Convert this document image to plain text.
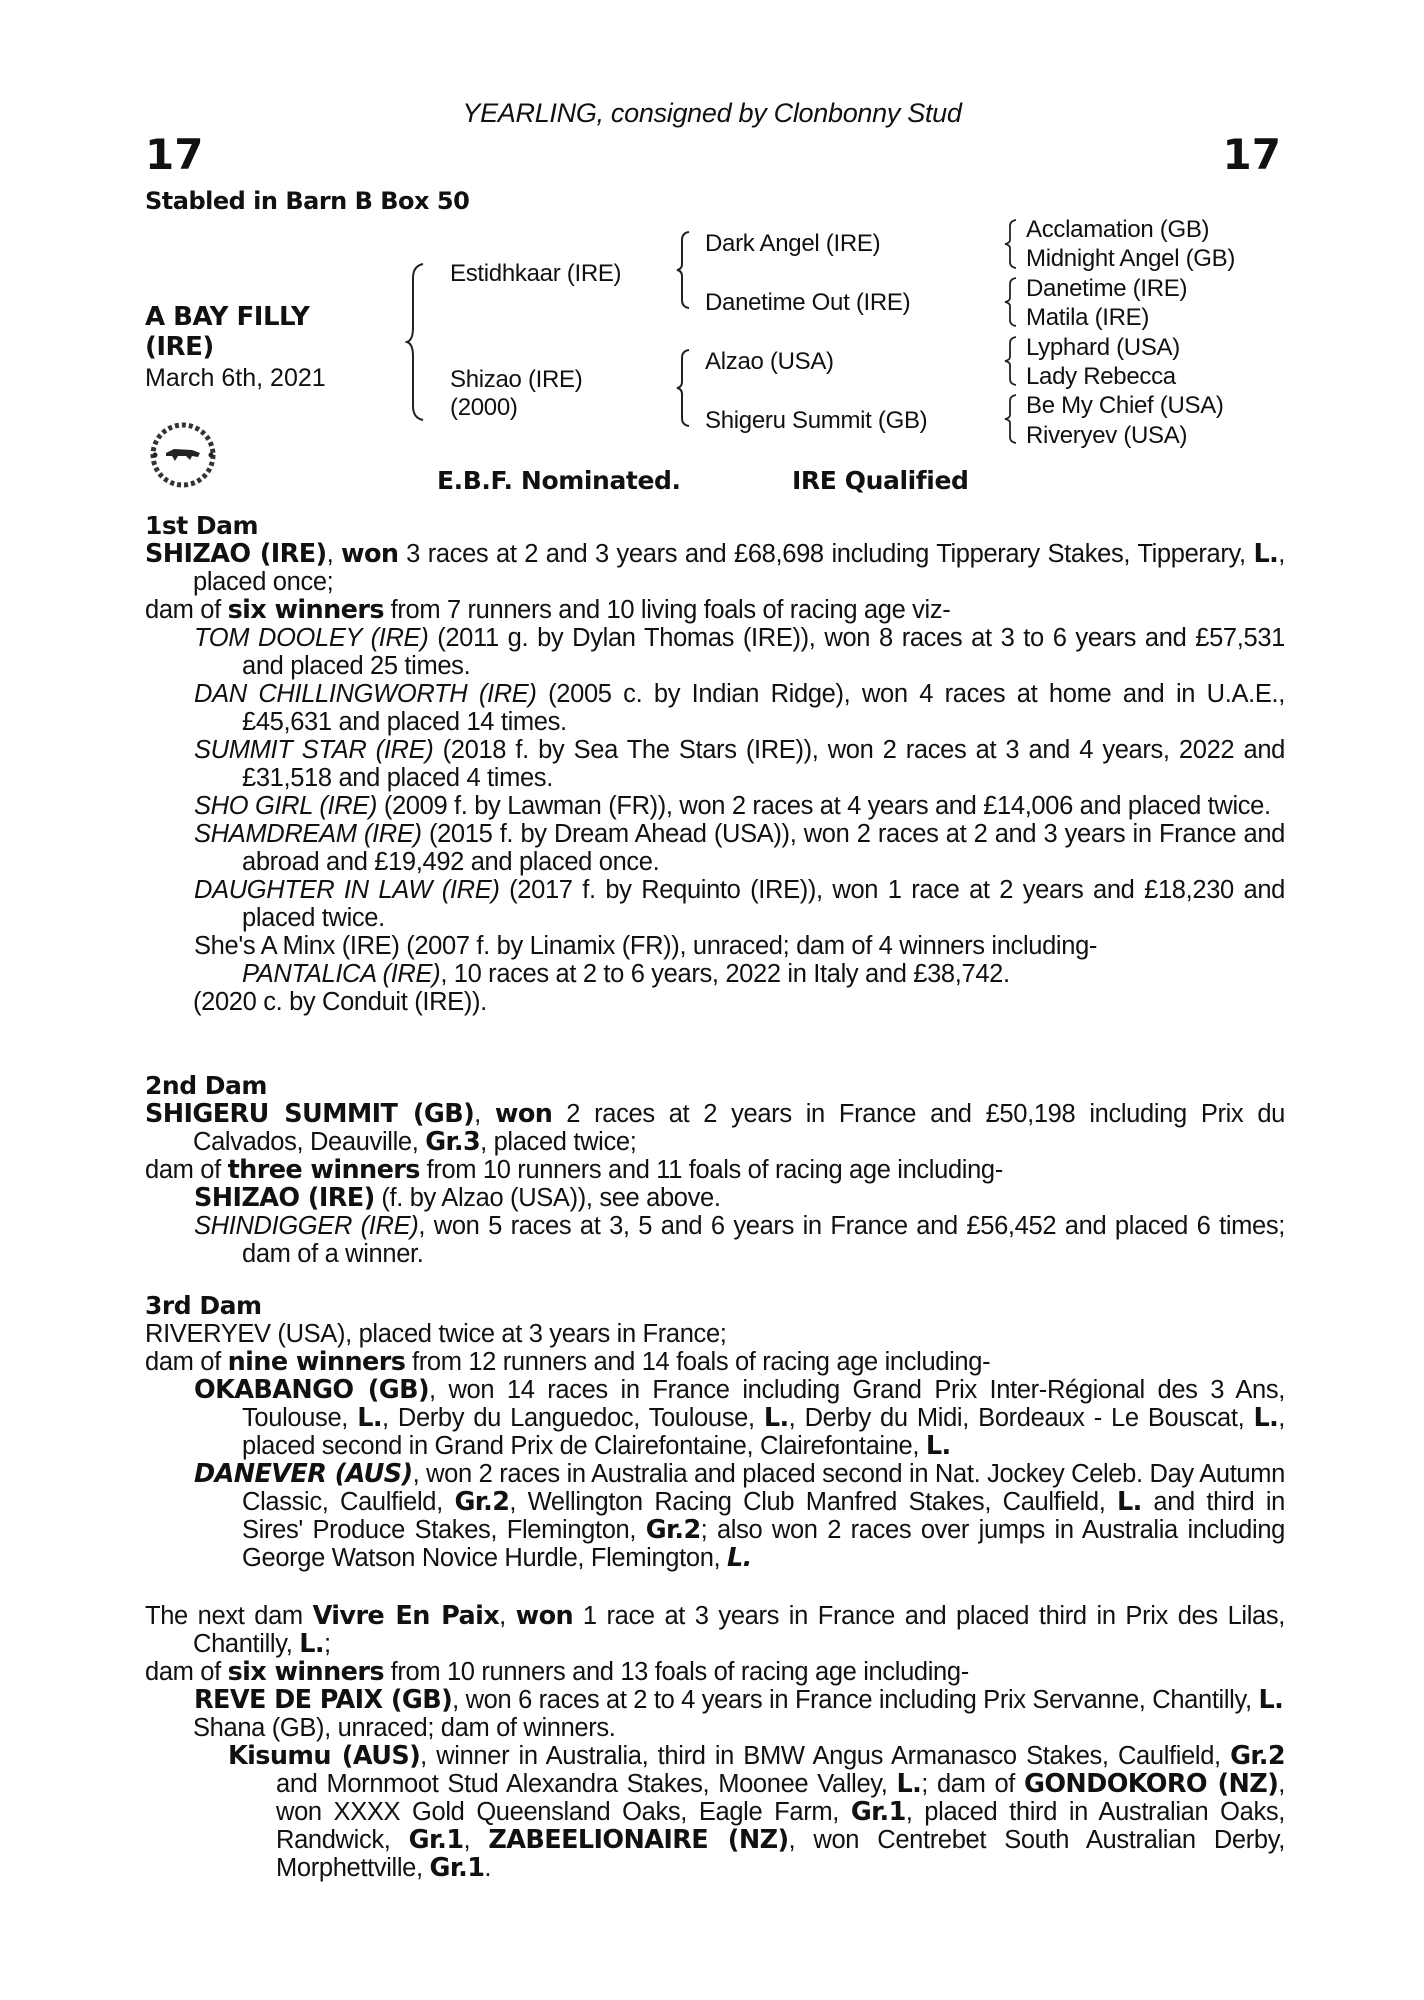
YEARLING, consigned by Clonbonny Stud
17	17
Stabled in Barn B Box 50
A BAY FILLY
(IRE)
March 6th, 2021
Estidhkaar (IRE)
Shizao (IRE)
(2000)
Dark Angel (IRE)
Danetime Out (IRE)
Alzao (USA)
Shigeru Summit (GB)
Acclamation (GB)
Midnight Angel (GB)
Danetime (IRE)
Matila (IRE)
Lyphard (USA)
Lady Rebecca
Be My Chief (USA)
Riveryev (USA)
E.B.F. Nominated.	IRE Qualified
1st Dam

SHIZAO (IRE), won 3 races at 2 and 3 years and £68,698 including Tipperary Stakes, Tipperary, L., placed once;

dam of six winners from 7 runners and 10 living foals of racing age viz-

TOM DOOLEY (IRE) (2011 g. by Dylan Thomas (IRE)), won 8 races at 3 to 6 years and £57,531 and placed 25 times.

DAN CHILLINGWORTH (IRE) (2005 c. by Indian Ridge), won 4 races at home and in U.A.E., £45,631 and placed 14 times.

SUMMIT STAR (IRE) (2018 f. by Sea The Stars (IRE)), won 2 races at 3 and 4 years, 2022 and £31,518 and placed 4 times.

SHO GIRL (IRE) (2009 f. by Lawman (FR)), won 2 races at 4 years and £14,006 and placed twice.

SHAMDREAM (IRE) (2015 f. by Dream Ahead (USA)), won 2 races at 2 and 3 years in France and abroad and £19,492 and placed once.

DAUGHTER IN LAW (IRE) (2017 f. by Requinto (IRE)), won 1 race at 2 years and £18,230 and placed twice.

She's A Minx (IRE) (2007 f. by Linamix (FR)), unraced; dam of 4 winners including-

PANTALICA (IRE), 10 races at 2 to 6 years, 2022 in Italy and £38,742.

(2020 c. by Conduit (IRE)).

2nd Dam

SHIGERU SUMMIT (GB), won 2 races at 2 years in France and £50,198 including Prix du Calvados, Deauville, Gr.3, placed twice;

dam of three winners from 10 runners and 11 foals of racing age including-

SHIZAO (IRE) (f. by Alzao (USA)), see above.

SHINDIGGER (IRE), won 5 races at 3, 5 and 6 years in France and £56,452 and placed 6 times; dam of a winner.

3rd Dam

RIVERYEV (USA), placed twice at 3 years in France;

dam of nine winners from 12 runners and 14 foals of racing age including-

OKABANGO (GB), won 14 races in France including Grand Prix Inter-Régional des 3 Ans, Toulouse, L., Derby du Languedoc, Toulouse, L., Derby du Midi, Bordeaux - Le Bouscat, L., placed second in Grand Prix de Clairefontaine, Clairefontaine, L.

DANEVER (AUS), won 2 races in Australia and placed second in Nat. Jockey Celeb. Day Autumn Classic, Caulfield, Gr.2, Wellington Racing Club Manfred Stakes, Caulfield, L. and third in Sires' Produce Stakes, Flemington, Gr.2; also won 2 races over jumps in Australia including George Watson Novice Hurdle, Flemington, L.

The next dam Vivre En Paix, won 1 race at 3 years in France and placed third in Prix des Lilas, Chantilly, L.;

dam of six winners from 10 runners and 13 foals of racing age including-

REVE DE PAIX (GB), won 6 races at 2 to 4 years in France including Prix Servanne, Chantilly, L.

Shana (GB), unraced; dam of winners.

Kisumu (AUS), winner in Australia, third in BMW Angus Armanasco Stakes, Caulfield, Gr.2 and Mornmoot Stud Alexandra Stakes, Moonee Valley, L.; dam of GONDOKORO (NZ), won XXXX Gold Queensland Oaks, Eagle Farm, Gr.1, placed third in Australian Oaks, Randwick, Gr.1, ZABEELIONAIRE (NZ), won Centrebet South Australian Derby, Morphettville, Gr.1.
